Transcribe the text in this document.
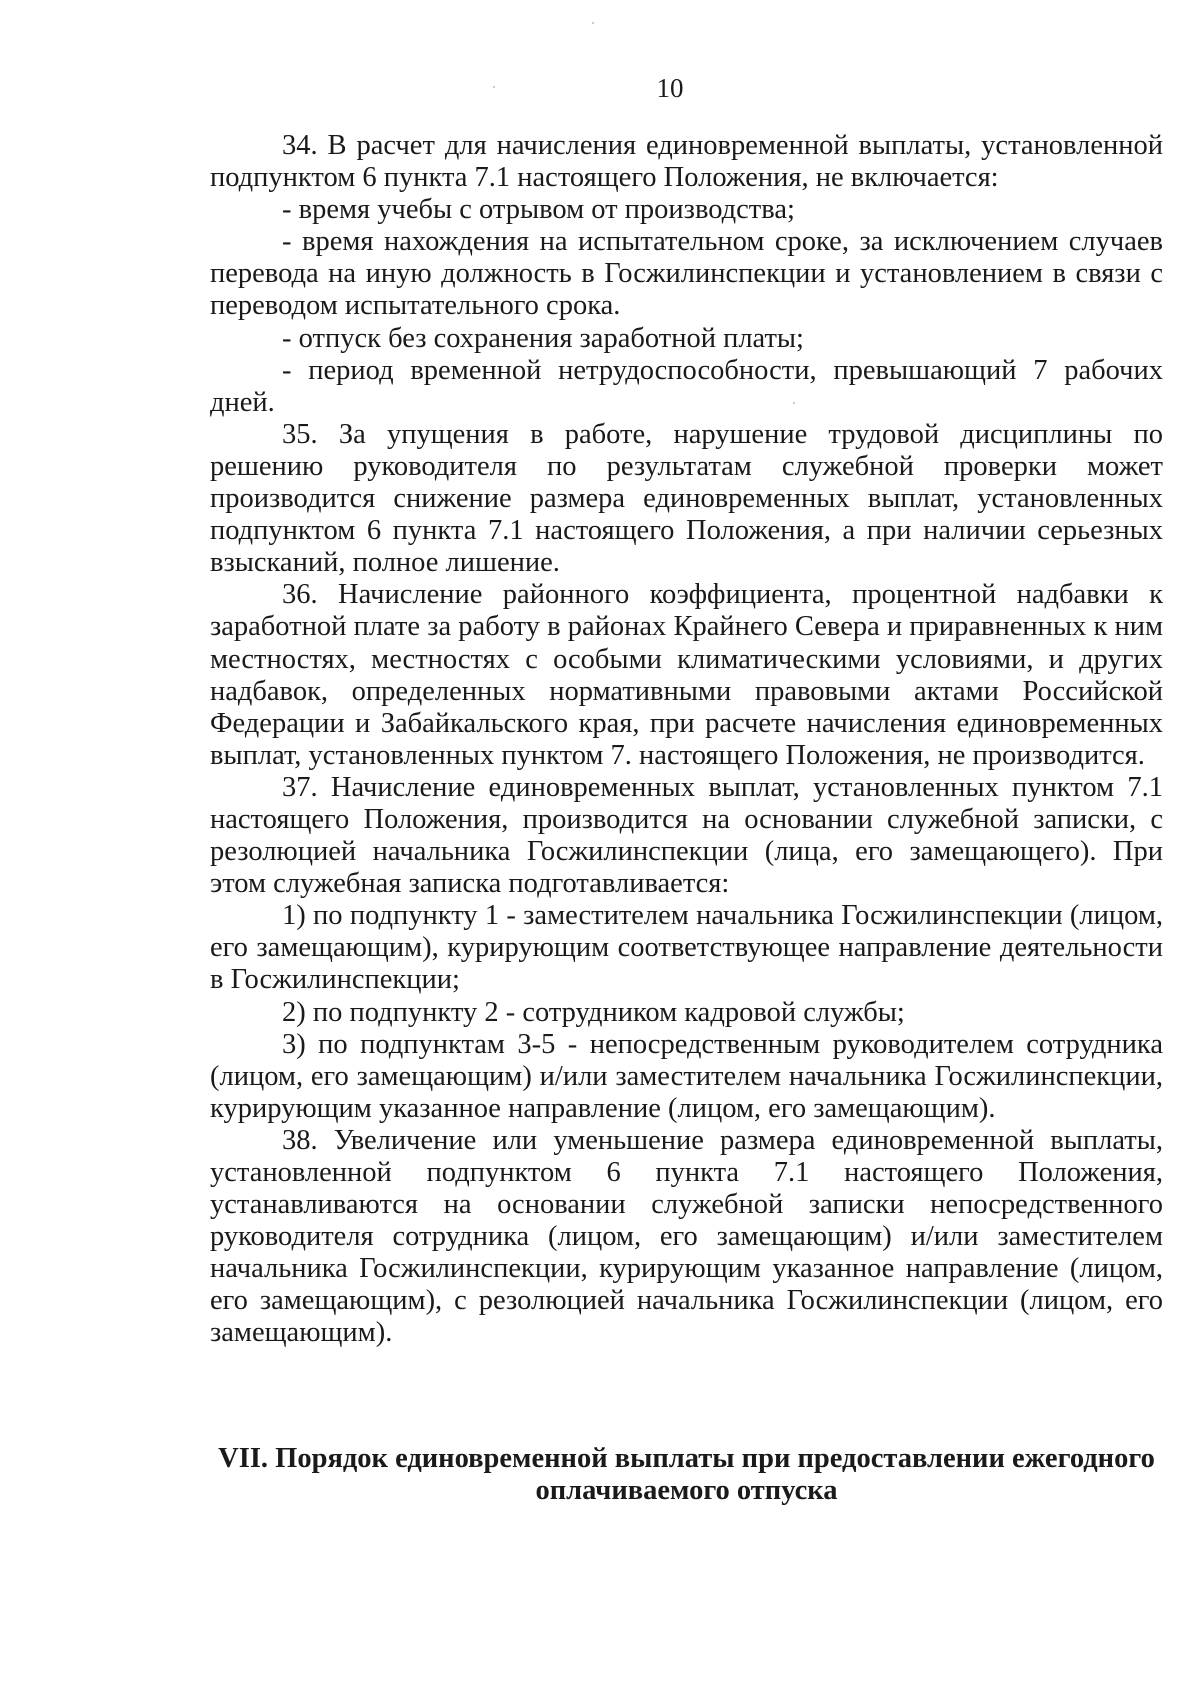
10

34. В расчет для начисления единовременной выплаты, установленной подпунктом 6 пункта 7.1 настоящего Положения, не включается:

- время учебы с отрывом от производства;

- время нахождения на испытательном сроке, за исключением случаев перевода на иную должность в Госжилинспекции и установлением в связи с переводом испытательного срока.

- отпуск без сохранения заработной платы;

- период временной нетрудоспособности, превышающий 7 рабочих дней.

35. За упущения в работе, нарушение трудовой дисциплины по решению руководителя по результатам служебной проверки может производится снижение размера единовременных выплат, установленных подпунктом 6 пункта 7.1 настоящего Положения, а при наличии серьезных взысканий, полное лишение.

36. Начисление районного коэффициента, процентной надбавки к заработной плате за работу в районах Крайнего Севера и приравненных к ним местностях, местностях с особыми климатическими условиями, и других надбавок, определенных нормативными правовыми актами Российской Федерации и Забайкальского края, при расчете начисления единовременных выплат, установленных пунктом 7. настоящего Положения, не производится.

37. Начисление единовременных выплат, установленных пунктом 7.1 настоящего Положения, производится на основании служебной записки, с резолюцией начальника Госжилинспекции (лица, его замещающего). При этом служебная записка подготавливается:

1) по подпункту 1 - заместителем начальника Госжилинспекции (лицом, его замещающим), курирующим соответствующее направление деятельности в Госжилинспекции;

2) по подпункту 2 - сотрудником кадровой службы;

3) по подпунктам 3-5 - непосредственным руководителем сотрудника (лицом, его замещающим) и/или заместителем начальника Госжилинспекции, курирующим указанное направление (лицом, его замещающим).

38. Увеличение или уменьшение размера единовременной выплаты, установленной подпунктом 6 пункта 7.1 настоящего Положения, устанавливаются на основании служебной записки непосредственного руководителя сотрудника (лицом, его замещающим) и/или заместителем начальника Госжилинспекции, курирующим указанное направление (лицом, его замещающим), с резолюцией начальника Госжилинспекции (лицом, его замещающим).

VII. Порядок единовременной выплаты при предоставлении ежегодного
оплачиваемого отпуска
